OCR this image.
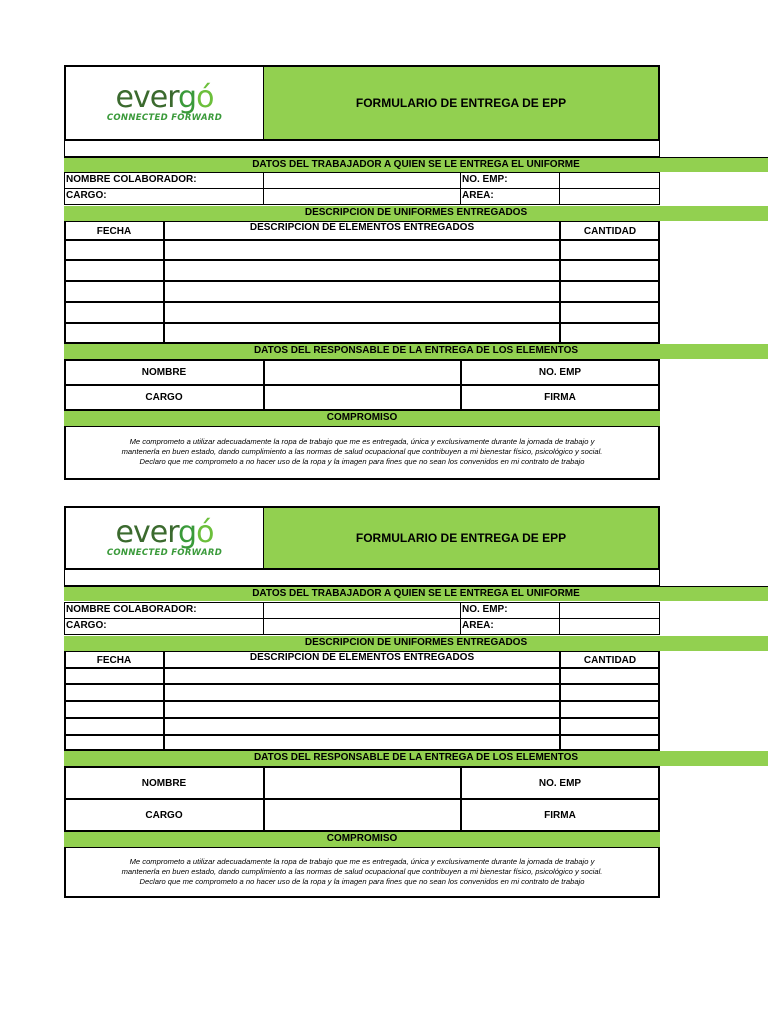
evergó
CONNECTED FORWARD
FORMULARIO DE ENTREGA DE EPP
DATOS DEL TRABAJADOR A QUIEN SE LE ENTREGA EL UNIFORME
NOMBRE COLABORADOR:	NO. EMP:
CARGO:	AREA:
DESCRIPCION DE UNIFORMES ENTREGADOS
FECHA	DESCRIPCION DE ELEMENTOS ENTREGADOS	CANTIDAD
DATOS DEL RESPONSABLE DE LA ENTREGA DE LOS ELEMENTOS
NOMBRE	NO. EMP
CARGO	FIRMA
COMPROMISO
Me comprometo a utilizar adecuadamente la ropa de trabajo que me es entregada, única y exclusivamente durante la jornada de trabajo y
mantenerla en buen estado, dando cumplimiento a las normas de salud ocupacional que contribuyen a mi bienestar físico, psicológico y social.
Declaro que me comprometo a no hacer uso de la ropa y la imagen para fines que no sean los convenidos en mi contrato de trabajo
evergó
CONNECTED FORWARD
FORMULARIO DE ENTREGA DE EPP
DATOS DEL TRABAJADOR A QUIEN SE LE ENTREGA EL UNIFORME
NOMBRE COLABORADOR:	NO. EMP:
CARGO:	AREA:
DESCRIPCION DE UNIFORMES ENTREGADOS
FECHA	DESCRIPCION DE ELEMENTOS ENTREGADOS	CANTIDAD
DATOS DEL RESPONSABLE DE LA ENTREGA DE LOS ELEMENTOS
NOMBRE	NO. EMP
CARGO	FIRMA
COMPROMISO
Me comprometo a utilizar adecuadamente la ropa de trabajo que me es entregada, única y exclusivamente durante la jornada de trabajo y
mantenerla en buen estado, dando cumplimiento a las normas de salud ocupacional que contribuyen a mi bienestar físico, psicológico y social.
Declaro que me comprometo a no hacer uso de la ropa y la imagen para fines que no sean los convenidos en mi contrato de trabajo
